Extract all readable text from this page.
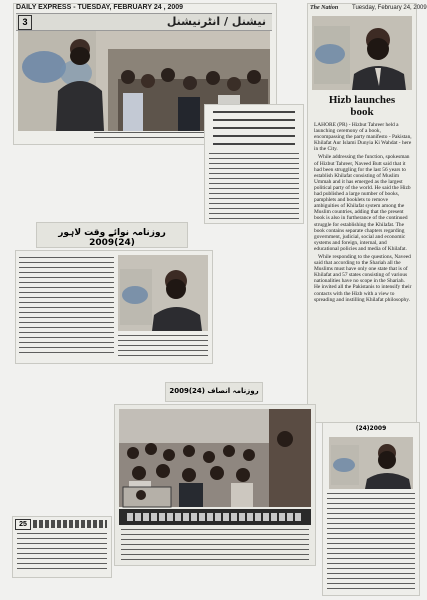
DAILY EXPRESS - TUESDAY, FEBRUARY 24 , 2009
3	نیشنل / انٹرنیشنل
The Nation Tuesday, February 24, 2009
Hizb launches
book
LAHORE (PR) - Hizbut Tahreer held a launching ceremony of a book, encompassing the party manifesto - Pakistan, Khilafat Aur Islami Dunyia Ki Wahdat - here in the City.
While addressing the function, spokesman of Hizbut Tahreer, Naveed Butt said that it had been struggling for the last 56 years to establish Khilafat consisting of Muslim Ummah and it has emerged as the largest political party of the world. He said the Hizb had published a large number of books, pamphlets and booklets to remove ambiguities of Khilafat system among the Muslim countries, adding that the present book is also in furtherance of the continued struggle for establishing the Khilafat. The book contains separate chapters regarding government, judicial, social and economic systems and foreign, internal, and educational policies and media of Khilafat.
While responding to the questions, Naveed said that according to the Shariah all the Muslims must have only one state that is of Khilafat and 57 states consisting of various nationalities have no scope in the Shariah. He invited all the Pakistanis to intensify their contacts with the Hizb with a view to spreading and instilling Khilafat philosophy.
روزنامہ نوائے وقت لاہور (24)2009
روزنامہ انصاف (24)2009
25
(24)2009
